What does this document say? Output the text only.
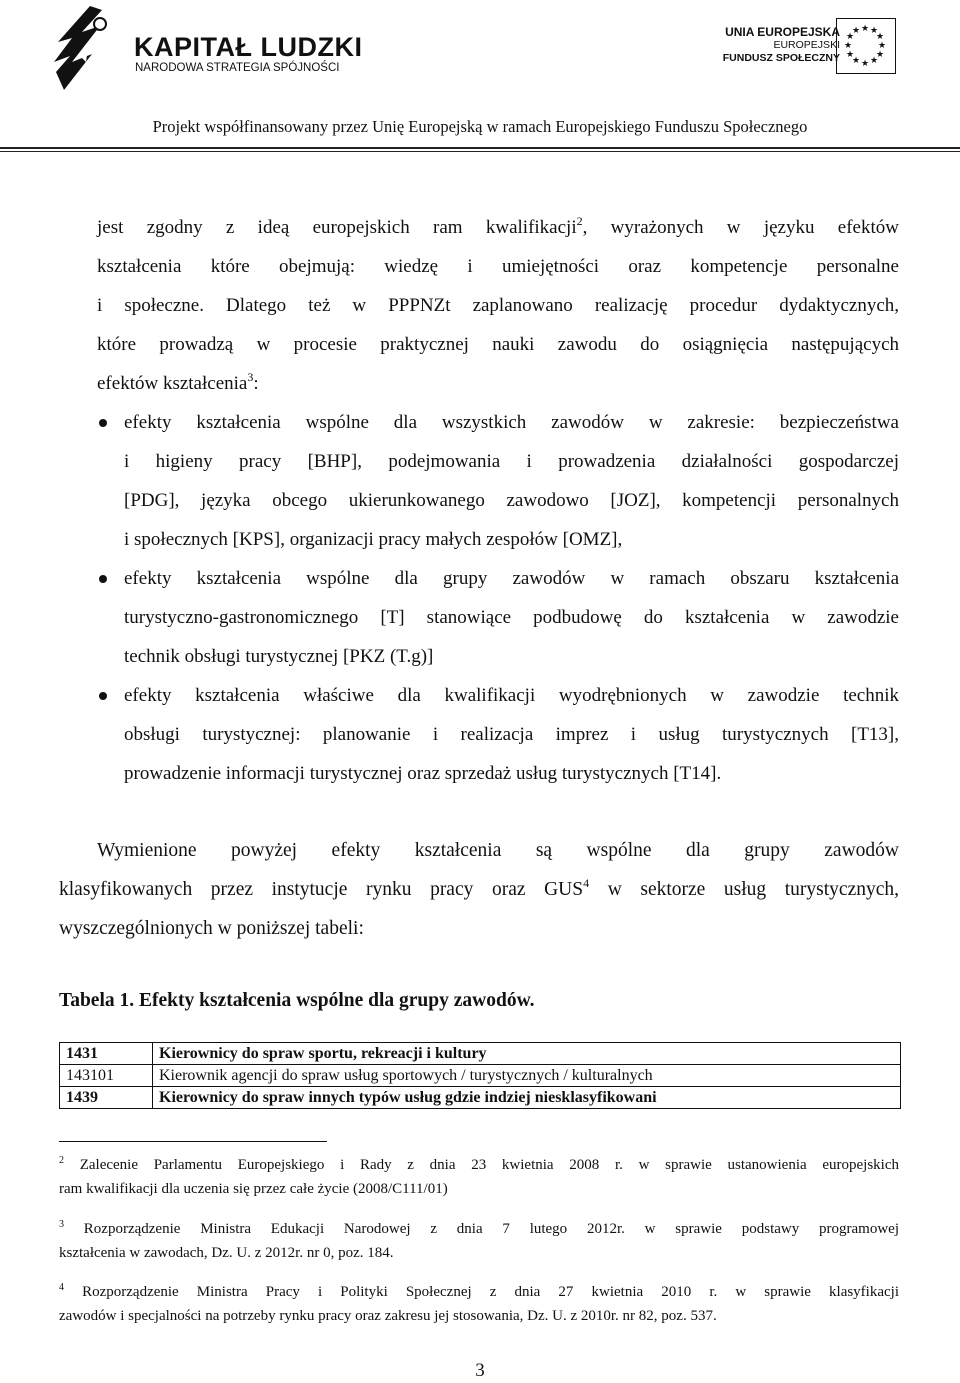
KAPITAŁ LUDZKI
NARODOWA STRATEGIA SPÓJNOŚCI
UNIA EUROPEJSKA
EUROPEJSKI
FUNDUSZ SPOŁECZNY
★ ★
★
★
★
★
★
★
★
★
★
★
Projekt współfinansowany przez Unię Europejską w ramach Europejskiego Funduszu Społecznego
jest zgodny z ideą europejskich ram kwalifikacji$^2$, wyrażonych w języku efektów
kształcenia które obejmują: wiedzę i umiejętności oraz kompetencje personalne
i społeczne. Dlatego też w PPPNZt zaplanowano realizację procedur dydaktycznych,
które prowadzą w procesie praktycznej nauki zawodu do osiągnięcia następujących
efektów kształcenia$^3$:
efekty kształcenia wspólne dla wszystkich zawodów w zakresie: bezpieczeństwa
i higieny pracy [BHP], podejmowania i prowadzenia działalności gospodarczej
[PDG], języka obcego ukierunkowanego zawodowo [JOZ], kompetencji personalnych
i społecznych [KPS], organizacji pracy małych zespołów [OMZ],
efekty kształcenia wspólne dla grupy zawodów w ramach obszaru kształcenia
turystyczno-gastronomicznego [T] stanowiące podbudowę do kształcenia w zawodzie
technik obsługi turystycznej [PKZ (T.g)]
efekty kształcenia właściwe dla kwalifikacji wyodrębnionych w zawodzie technik
obsługi turystycznej: planowanie i realizacja imprez i usług turystycznych [T13],
prowadzenie informacji turystycznej oraz sprzedaż usług turystycznych [T14].
Wymienione powyżej efekty kształcenia są wspólne dla grupy zawodów
klasyfikowanych przez instytucje rynku pracy oraz GUS$^4$ w sektorze usług turystycznych,
wyszczególnionych w poniższej tabeli:
Tabela 1. Efekty kształcenia wspólne dla grupy zawodów.
1431	Kierownicy do spraw sportu, rekreacji i kultury
143101	Kierownik agencji do spraw usług sportowych / turystycznych / kulturalnych
1439	Kierownicy do spraw innych typów usług gdzie indziej niesklasyfikowani
$^2$ Zalecenie Parlamentu Europejskiego i Rady z dnia 23 kwietnia 2008 r. w sprawie ustanowienia europejskich
ram kwalifikacji dla uczenia się przez całe życie (2008/C111/01)
$^3$ Rozporządzenie Ministra Edukacji Narodowej z dnia 7 lutego 2012r. w sprawie podstawy programowej
kształcenia w zawodach, Dz. U. z 2012r. nr 0, poz. 184.
$^4$ Rozporządzenie Ministra Pracy i Polityki Społecznej z dnia 27 kwietnia 2010 r. w sprawie klasyfikacji
zawodów i specjalności na potrzeby rynku pracy oraz zakresu jej stosowania, Dz. U. z 2010r. nr 82, poz. 537.
3
